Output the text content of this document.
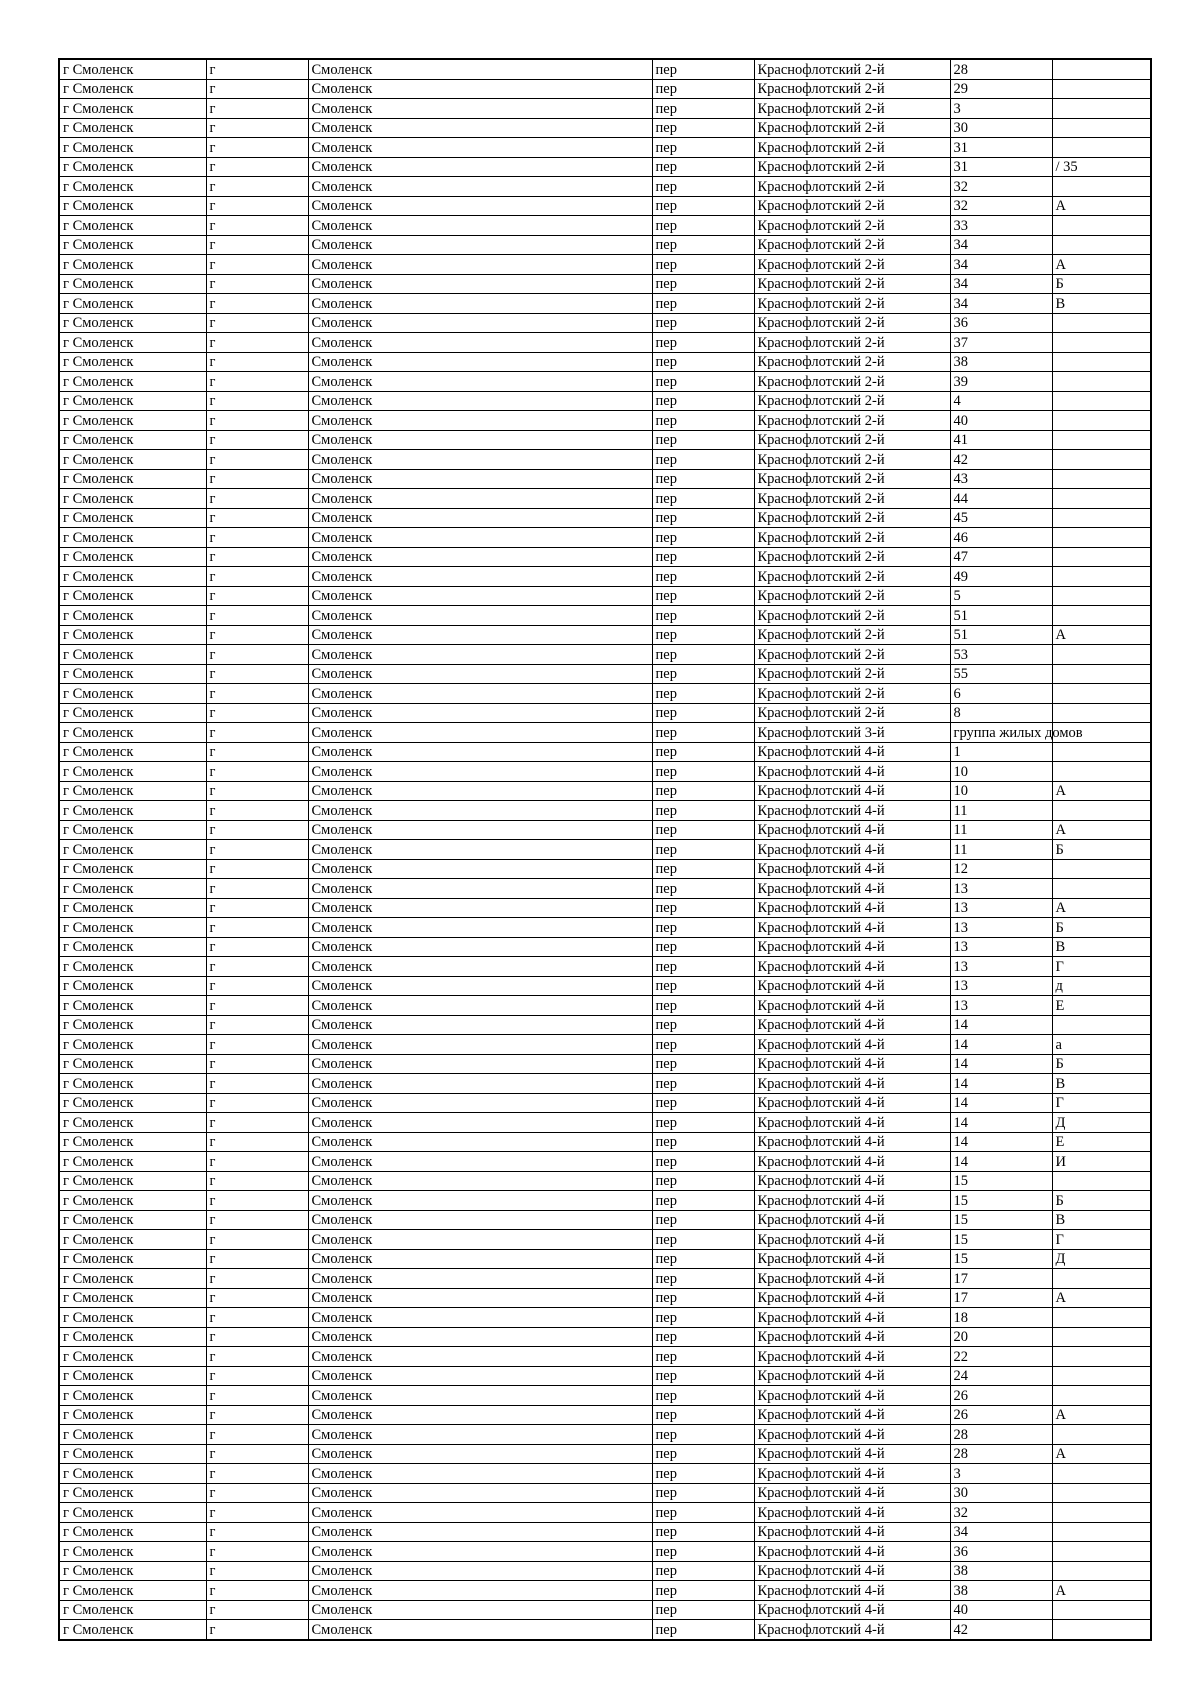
г Смоленск	г	Смоленск	пер	Краснофлотский 2-й	28	
г Смоленск	г	Смоленск	пер	Краснофлотский 2-й	29	
г Смоленск	г	Смоленск	пер	Краснофлотский 2-й	3	
г Смоленск	г	Смоленск	пер	Краснофлотский 2-й	30	
г Смоленск	г	Смоленск	пер	Краснофлотский 2-й	31	
г Смоленск	г	Смоленск	пер	Краснофлотский 2-й	31	/ 35
г Смоленск	г	Смоленск	пер	Краснофлотский 2-й	32	
г Смоленск	г	Смоленск	пер	Краснофлотский 2-й	32	А
г Смоленск	г	Смоленск	пер	Краснофлотский 2-й	33	
г Смоленск	г	Смоленск	пер	Краснофлотский 2-й	34	
г Смоленск	г	Смоленск	пер	Краснофлотский 2-й	34	А
г Смоленск	г	Смоленск	пер	Краснофлотский 2-й	34	Б
г Смоленск	г	Смоленск	пер	Краснофлотский 2-й	34	В
г Смоленск	г	Смоленск	пер	Краснофлотский 2-й	36	
г Смоленск	г	Смоленск	пер	Краснофлотский 2-й	37	
г Смоленск	г	Смоленск	пер	Краснофлотский 2-й	38	
г Смоленск	г	Смоленск	пер	Краснофлотский 2-й	39	
г Смоленск	г	Смоленск	пер	Краснофлотский 2-й	4	
г Смоленск	г	Смоленск	пер	Краснофлотский 2-й	40	
г Смоленск	г	Смоленск	пер	Краснофлотский 2-й	41	
г Смоленск	г	Смоленск	пер	Краснофлотский 2-й	42	
г Смоленск	г	Смоленск	пер	Краснофлотский 2-й	43	
г Смоленск	г	Смоленск	пер	Краснофлотский 2-й	44	
г Смоленск	г	Смоленск	пер	Краснофлотский 2-й	45	
г Смоленск	г	Смоленск	пер	Краснофлотский 2-й	46	
г Смоленск	г	Смоленск	пер	Краснофлотский 2-й	47	
г Смоленск	г	Смоленск	пер	Краснофлотский 2-й	49	
г Смоленск	г	Смоленск	пер	Краснофлотский 2-й	5	
г Смоленск	г	Смоленск	пер	Краснофлотский 2-й	51	
г Смоленск	г	Смоленск	пер	Краснофлотский 2-й	51	А
г Смоленск	г	Смоленск	пер	Краснофлотский 2-й	53	
г Смоленск	г	Смоленск	пер	Краснофлотский 2-й	55	
г Смоленск	г	Смоленск	пер	Краснофлотский 2-й	6	
г Смоленск	г	Смоленск	пер	Краснофлотский 2-й	8	
г Смоленск	г	Смоленск	пер	Краснофлотский 3-й	группа жилых домов	
г Смоленск	г	Смоленск	пер	Краснофлотский 4-й	1	
г Смоленск	г	Смоленск	пер	Краснофлотский 4-й	10	
г Смоленск	г	Смоленск	пер	Краснофлотский 4-й	10	А
г Смоленск	г	Смоленск	пер	Краснофлотский 4-й	11	
г Смоленск	г	Смоленск	пер	Краснофлотский 4-й	11	А
г Смоленск	г	Смоленск	пер	Краснофлотский 4-й	11	Б
г Смоленск	г	Смоленск	пер	Краснофлотский 4-й	12	
г Смоленск	г	Смоленск	пер	Краснофлотский 4-й	13	
г Смоленск	г	Смоленск	пер	Краснофлотский 4-й	13	А
г Смоленск	г	Смоленск	пер	Краснофлотский 4-й	13	Б
г Смоленск	г	Смоленск	пер	Краснофлотский 4-й	13	В
г Смоленск	г	Смоленск	пер	Краснофлотский 4-й	13	Г
г Смоленск	г	Смоленск	пер	Краснофлотский 4-й	13	д
г Смоленск	г	Смоленск	пер	Краснофлотский 4-й	13	Е
г Смоленск	г	Смоленск	пер	Краснофлотский 4-й	14	
г Смоленск	г	Смоленск	пер	Краснофлотский 4-й	14	а
г Смоленск	г	Смоленск	пер	Краснофлотский 4-й	14	Б
г Смоленск	г	Смоленск	пер	Краснофлотский 4-й	14	В
г Смоленск	г	Смоленск	пер	Краснофлотский 4-й	14	Г
г Смоленск	г	Смоленск	пер	Краснофлотский 4-й	14	Д
г Смоленск	г	Смоленск	пер	Краснофлотский 4-й	14	Е
г Смоленск	г	Смоленск	пер	Краснофлотский 4-й	14	И
г Смоленск	г	Смоленск	пер	Краснофлотский 4-й	15	
г Смоленск	г	Смоленск	пер	Краснофлотский 4-й	15	Б
г Смоленск	г	Смоленск	пер	Краснофлотский 4-й	15	В
г Смоленск	г	Смоленск	пер	Краснофлотский 4-й	15	Г
г Смоленск	г	Смоленск	пер	Краснофлотский 4-й	15	Д
г Смоленск	г	Смоленск	пер	Краснофлотский 4-й	17	
г Смоленск	г	Смоленск	пер	Краснофлотский 4-й	17	А
г Смоленск	г	Смоленск	пер	Краснофлотский 4-й	18	
г Смоленск	г	Смоленск	пер	Краснофлотский 4-й	20	
г Смоленск	г	Смоленск	пер	Краснофлотский 4-й	22	
г Смоленск	г	Смоленск	пер	Краснофлотский 4-й	24	
г Смоленск	г	Смоленск	пер	Краснофлотский 4-й	26	
г Смоленск	г	Смоленск	пер	Краснофлотский 4-й	26	А
г Смоленск	г	Смоленск	пер	Краснофлотский 4-й	28	
г Смоленск	г	Смоленск	пер	Краснофлотский 4-й	28	А
г Смоленск	г	Смоленск	пер	Краснофлотский 4-й	3	
г Смоленск	г	Смоленск	пер	Краснофлотский 4-й	30	
г Смоленск	г	Смоленск	пер	Краснофлотский 4-й	32	
г Смоленск	г	Смоленск	пер	Краснофлотский 4-й	34	
г Смоленск	г	Смоленск	пер	Краснофлотский 4-й	36	
г Смоленск	г	Смоленск	пер	Краснофлотский 4-й	38	
г Смоленск	г	Смоленск	пер	Краснофлотский 4-й	38	А
г Смоленск	г	Смоленск	пер	Краснофлотский 4-й	40	
г Смоленск	г	Смоленск	пер	Краснофлотский 4-й	42	
